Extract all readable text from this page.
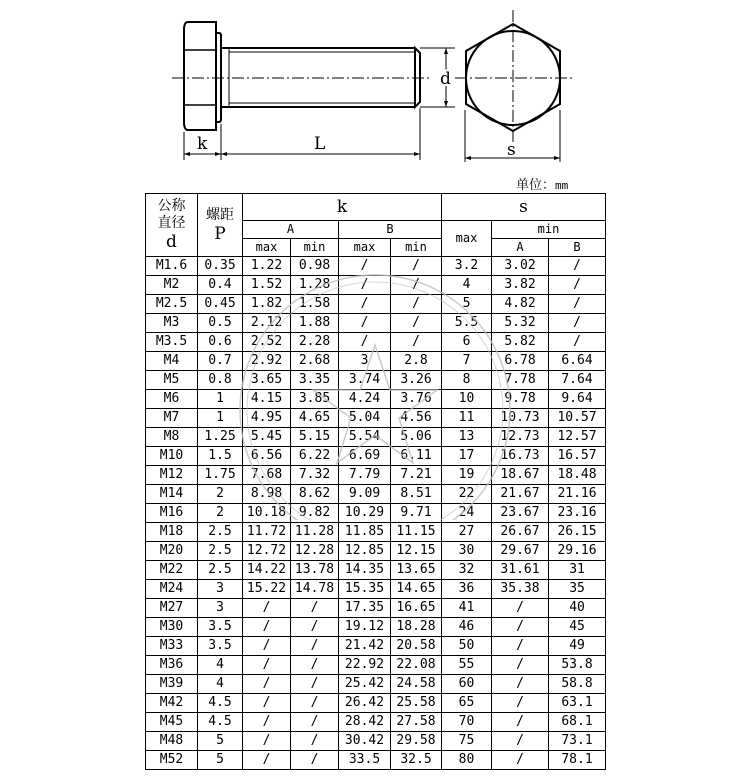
k	L
d
s
单位：mm
公称
直径
d	螺距
P	k				s		
		A		B		max	min	
		max	min	max	min		A	B
M1.6	0.35	1.22	0.98	/	/	3.2	3.02	/
M2	0.4	1.52	1.28	/	/	4	3.82	/
M2.5	0.45	1.82	1.58	/	/	5	4.82	/
M3	0.5	2.12	1.88	/	/	5.5	5.32	/
M3.5	0.6	2.52	2.28	/	/	6	5.82	/
M4	0.7	2.92	2.68	3	2.8	7	6.78	6.64
M5	0.8	3.65	3.35	3.74	3.26	8	7.78	7.64
M6	1	4.15	3.85	4.24	3.76	10	9.78	9.64
M7	1	4.95	4.65	5.04	4.56	11	10.73	10.57
M8	1.25	5.45	5.15	5.54	5.06	13	12.73	12.57
M10	1.5	6.56	6.22	6.69	6.11	17	16.73	16.57
M12	1.75	7.68	7.32	7.79	7.21	19	18.67	18.48
M14	2	8.98	8.62	9.09	8.51	22	21.67	21.16
M16	2	10.18	9.82	10.29	9.71	24	23.67	23.16
M18	2.5	11.72	11.28	11.85	11.15	27	26.67	26.15
M20	2.5	12.72	12.28	12.85	12.15	30	29.67	29.16
M22	2.5	14.22	13.78	14.35	13.65	32	31.61	31
M24	3	15.22	14.78	15.35	14.65	36	35.38	35
M27	3	/	/	17.35	16.65	41	/	40
M30	3.5	/	/	19.12	18.28	46	/	45
M33	3.5	/	/	21.42	20.58	50	/	49
M36	4	/	/	22.92	22.08	55	/	53.8
M39	4	/	/	25.42	24.58	60	/	58.8
M42	4.5	/	/	26.42	25.58	65	/	63.1
M45	4.5	/	/	28.42	27.58	70	/	68.1
M48	5	/	/	30.42	29.58	75	/	73.1
M52	5	/	/	33.5	32.5	80	/	78.1
